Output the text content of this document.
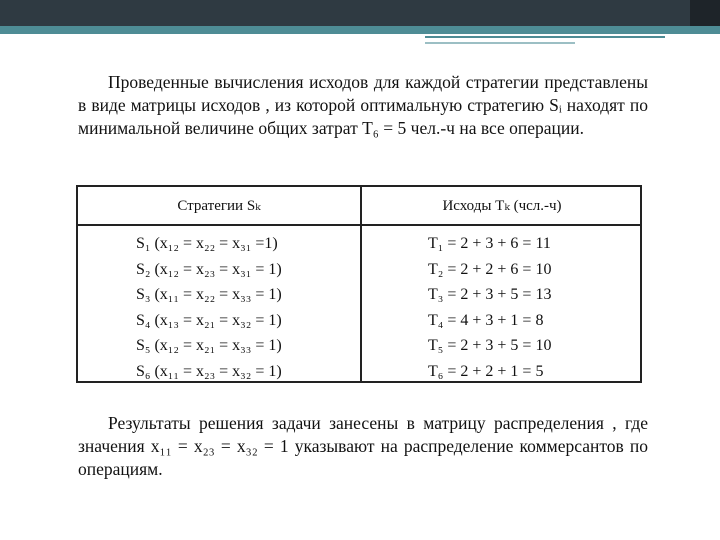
Проведенные вычисления исходов для каждой стратегии представлены в виде матрицы исходов , из которой оптимальную стратегию Sᵢ находят по минимальной величине общих затрат T₆ = 5 чел.-ч на все операции.

Стратегии Sₖ	Исходы Tₖ (чсл.-ч)
S₁ (x₁₂ = x₂₂ = x₃₁ =1)
S₂ (x₁₂ = x₂₃ = x₃₁ = 1)
S₃ (x₁₁ = x₂₂ = x₃₃ = 1)
S₄ (x₁₃ = x₂₁ = x₃₂ = 1)
S₅ (x₁₂ = x₂₁ = x₃₃ = 1)
S₆ (x₁₁ = x₂₃ = x₃₂ = 1)
T₁ = 2 + 3 + 6 = 11
T₂ = 2 + 2 + 6 = 10
T₃ = 2 + 3 + 5 = 13
T₄ = 4 + 3 + 1 = 8
T₅ = 2 + 3 + 5 = 10
T₆ = 2 + 2 + 1 = 5

Результаты решения задачи занесены в матрицу распределения , где значения x₁₁ = x₂₃ = x₃₂ = 1 указывают на распределение коммерсантов по операциям.
